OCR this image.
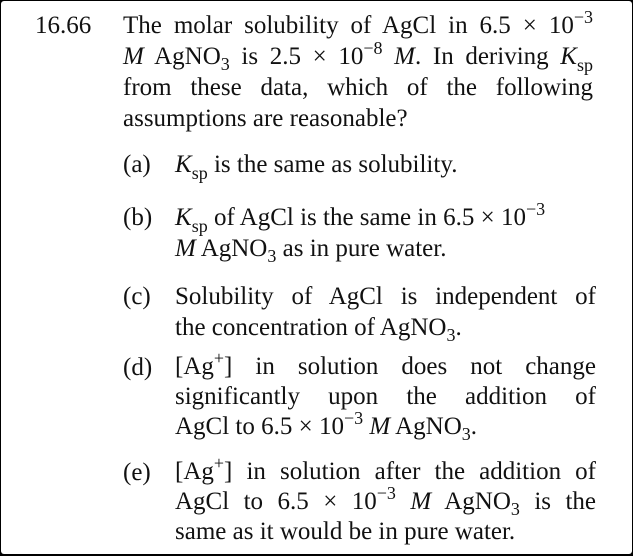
16.66 The molar solubility of AgCl in $6.5 \times 10^{-3}$
M AgNO$_3$ is $2.5 \times 10^{-8}$ M. In deriving $K_{sp}$
from these data, which of the following
assumptions are reasonable?
(a) $K_{sp}$ is the same as solubility.
(b) $K_{sp}$ of AgCl is the same in $6.5 \times 10^{-3}$
M AgNO$_3$ as in pure water.
(c) Solubility of AgCl is independent of
the concentration of AgNO$_3$.
(d) [Ag+] in solution does not change
significantly upon the addition of
AgCl to $6.5 \times 10^{-3}$ M AgNO$_3$.
(e) [Ag+] in solution after the addition of
AgCl to $6.5 \times 10^{-3}$ M AgNO$_3$ is the
same as it would be in pure water.
